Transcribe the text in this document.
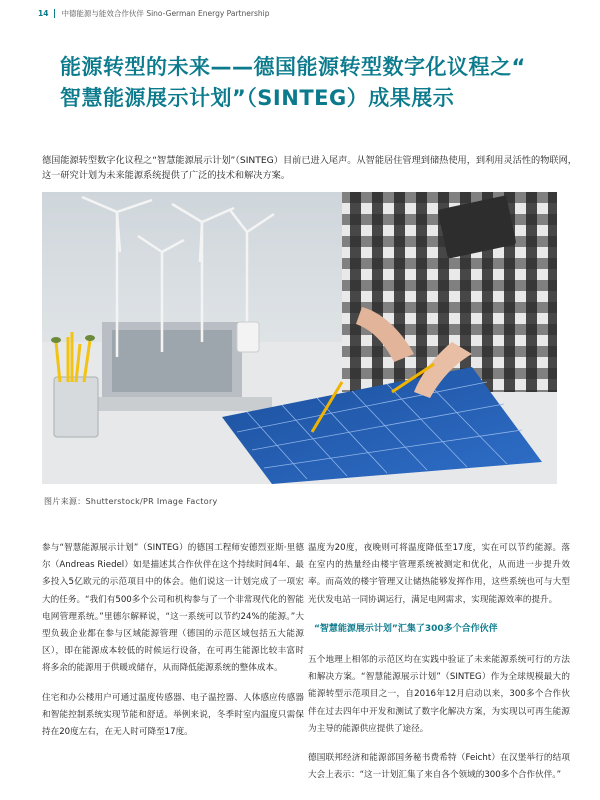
14 中德能源与能效合作伙伴 Sino-German Energy Partnership
能源转型的未来——德国能源转型数字化议程之“
智慧能源展示计划”（SINTEG）成果展示

德国能源转型数字化议程之“智慧能源展示计划”（SINTEG）目前已进入尾声。从智能居住管理到储热使用，到利用灵活性的物联网，这一研究计划为未来能源系统提供了广泛的技术和解决方案。

图片来源：Shutterstock/PR Image Factory

参与“智慧能源展示计划”（SINTEG）的德国工程师安德烈亚斯·里德尔（Andreas Riedel）如是描述其合作伙伴在这个持续时间4年、最多投入5亿欧元的示范项目中的体会。他们说这一计划完成了一项宏大的任务。“我们有500多个公司和机构参与了一个非常现代化的智能电网管理系统。”里德尔解释说，“这一系统可以节约24%的能源。”大型负载企业都在参与区域能源管理（德国的示范区域包括五大能源区），即在能源成本较低的时候运行设备，在可再生能源比较丰富时将多余的能源用于供暖或储存，从而降低能源系统的整体成本。

住宅和办公楼用户可通过温度传感器、电子温控器、人体感应传感器和智能控制系统实现节能和舒适。举例来说，冬季时室内温度只需保持在20度左右，在无人时可降至17度。

温度为20度，夜晚则可将温度降低至17度，实在可以节约能源。落在室内的热量经由楼宇管理系统被测定和优化，从而进一步提升效率。而高效的楼宇管理又让储热能够发挥作用，这些系统也可与大型光伏发电站一同协调运行，满足电网需求，实现能源效率的提升。

“智慧能源展示计划”汇集了300多个合作伙伴

五个地理上相邻的示范区均在实践中验证了未来能源系统可行的方法和解决方案。“智慧能源展示计划”（SINTEG）作为全球规模最大的能源转型示范项目之一，自2016年12月启动以来，300多个合作伙伴在过去四年中开发和测试了数字化解决方案，为实现以可再生能源为主导的能源供应提供了途径。

德国联邦经济和能源部国务秘书费希特（Feicht）在汉堡举行的结项大会上表示：“这一计划汇集了来自各个领域的300多个合作伙伴。”
